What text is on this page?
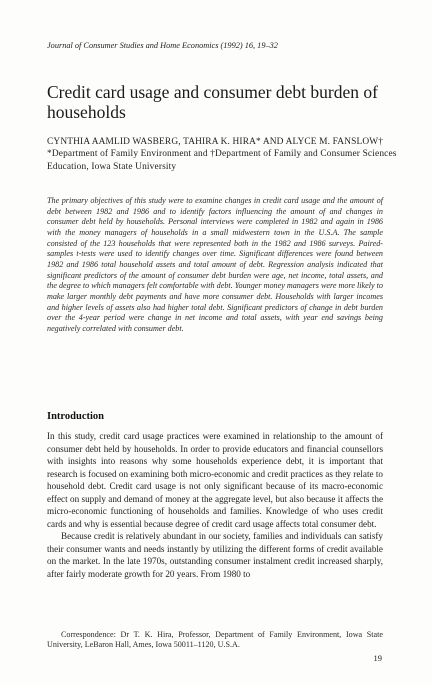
Journal of Consumer Studies and Home Economics (1992) 16, 19–32
Credit card usage and consumer debt burden of households
CYNTHIA AAMLID WASBERG, TAHIRA K. HIRA* AND ALYCE M. FANSLOW† *Department of Family Environment and †Department of Family and Consumer Sciences Education, Iowa State University
The primary objectives of this study were to examine changes in credit card usage and the amount of debt between 1982 and 1986 and to identify factors influencing the amount of and changes in consumer debt held by households. Personal interviews were completed in 1982 and again in 1986 with the money managers of households in a small midwestern town in the U.S.A. The sample consisted of the 123 households that were represented both in the 1982 and 1986 surveys. Paired-samples t-tests were used to identify changes over time. Significant differences were found between 1982 and 1986 total household assets and total amount of debt. Regression analysis indicated that significant predictors of the amount of consumer debt burden were age, net income, total assets, and the degree to which managers felt comfortable with debt. Younger money managers were more likely to make larger monthly debt payments and have more consumer debt. Households with larger incomes and higher levels of assets also had higher total debt. Significant predictors of change in debt burden over the 4-year period were change in net income and total assets, with year end savings being negatively correlated with consumer debt.
Introduction

In this study, credit card usage practices were examined in relationship to the amount of consumer debt held by households. In order to provide educators and financial counsellors with insights into reasons why some households experience debt, it is important that research is focused on examining both micro-economic and credit practices as they relate to household debt. Credit card usage is not only significant because of its macro-economic effect on supply and demand of money at the aggregate level, but also because it affects the micro-economic functioning of households and families. Knowledge of who uses credit cards and why is essential because degree of credit card usage affects total consumer debt.

Because credit is relatively abundant in our society, families and individuals can satisfy their consumer wants and needs instantly by utilizing the different forms of credit available on the market. In the late 1970s, outstanding consumer instalment credit increased sharply, after fairly moderate growth for 20 years. From 1980 to

Correspondence: Dr T. K. Hira, Professor, Department of Family Environment, Iowa State University, LeBaron Hall, Ames, Iowa 50011–1120, U.S.A.
19
